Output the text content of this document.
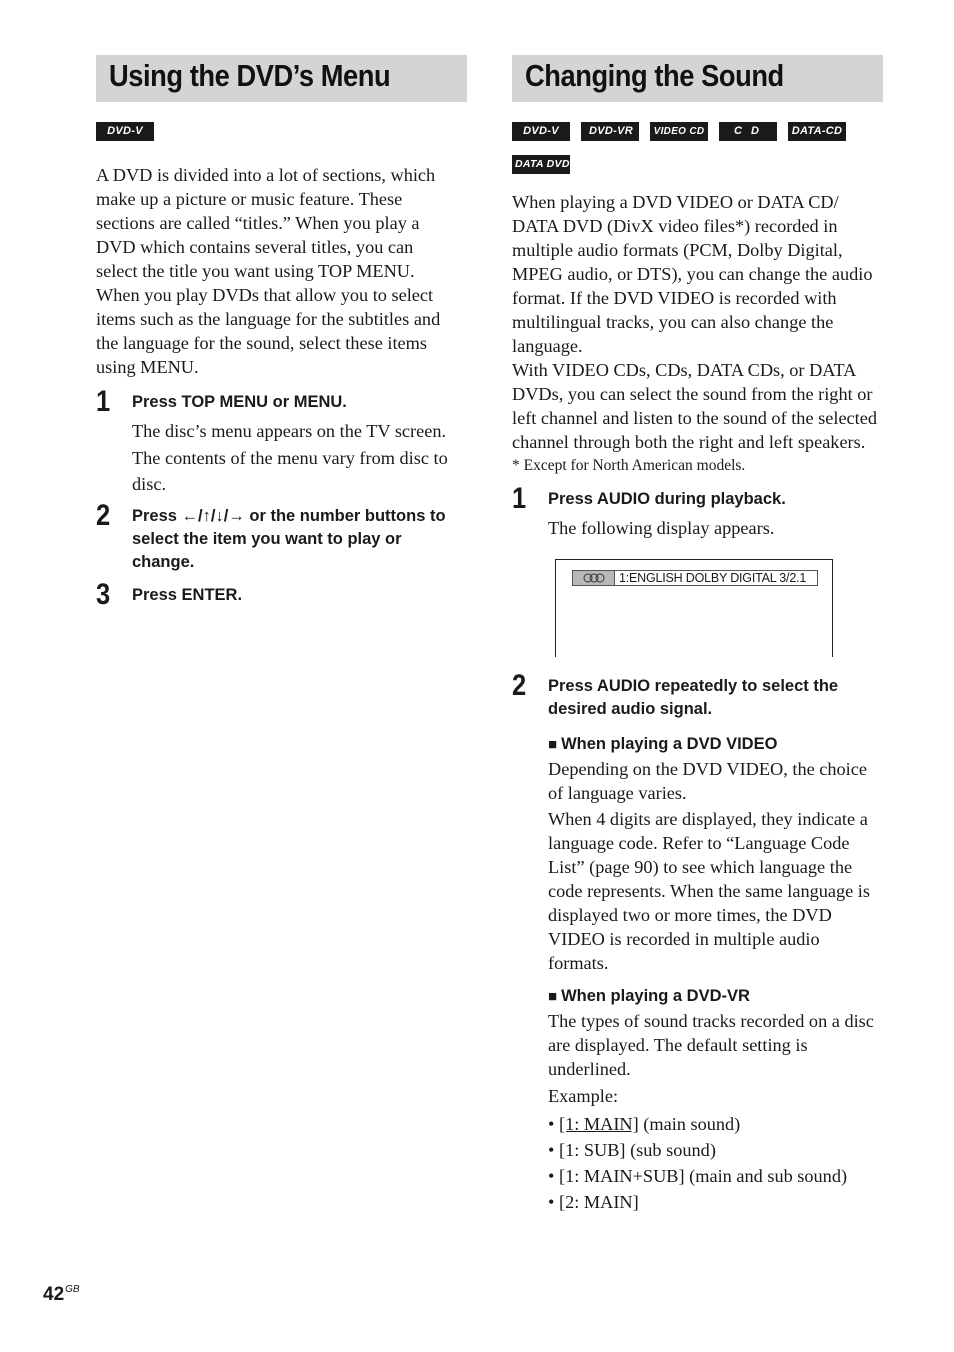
Using the DVD’s Menu
DVD-V
A DVD is divided into a lot of sections, which
make up a picture or music feature. These
sections are called “titles.” When you play a
DVD which contains several titles, you can
select the title you want using TOP MENU.
When you play DVDs that allow you to select
items such as the language for the subtitles and
the language for the sound, select these items
using MENU.
1 Press TOP MENU or MENU.

The disc’s menu appears on the TV screen.

The contents of the menu vary from disc to disc.

2 Press ←/↑/↓/→ or the number buttons to select the item you want to play or change.

3 Press ENTER.

Changing the Sound
DVD-V	DVD-VR	VIDEO CD	C D	DATA-CD
DATA DVD

When playing a DVD VIDEO or DATA CD/ DATA DVD (DivX video files*) recorded in multiple audio formats (PCM, Dolby Digital, MPEG audio, or DTS), you can change the audio format. If the DVD VIDEO is recorded with multilingual tracks, you can also change the language.

With VIDEO CDs, CDs, DATA CDs, or DATA DVDs, you can select the sound from the right or left channel and listen to the sound of the selected channel through both the right and left speakers.

* Except for North American models.
1 Press AUDIO during playback.

The following display appears.

1:ENGLISH DOLBY DIGITAL 3/2.1
2 Press AUDIO repeatedly to select the desired audio signal.

■ When playing a DVD VIDEO

Depending on the DVD VIDEO, the choice of language varies.

When 4 digits are displayed, they indicate a language code. Refer to “Language Code List” (page 90) to see which language the code represents. When the same language is displayed two or more times, the DVD VIDEO is recorded in multiple audio formats.

■ When playing a DVD-VR

The types of sound tracks recorded on a disc are displayed. The default setting is underlined.

Example:

• [1: MAIN] (main sound)
• [1: SUB] (sub sound)
• [1: MAIN+SUB] (main and sub sound)
• [2: MAIN]
$42^{GB}$
